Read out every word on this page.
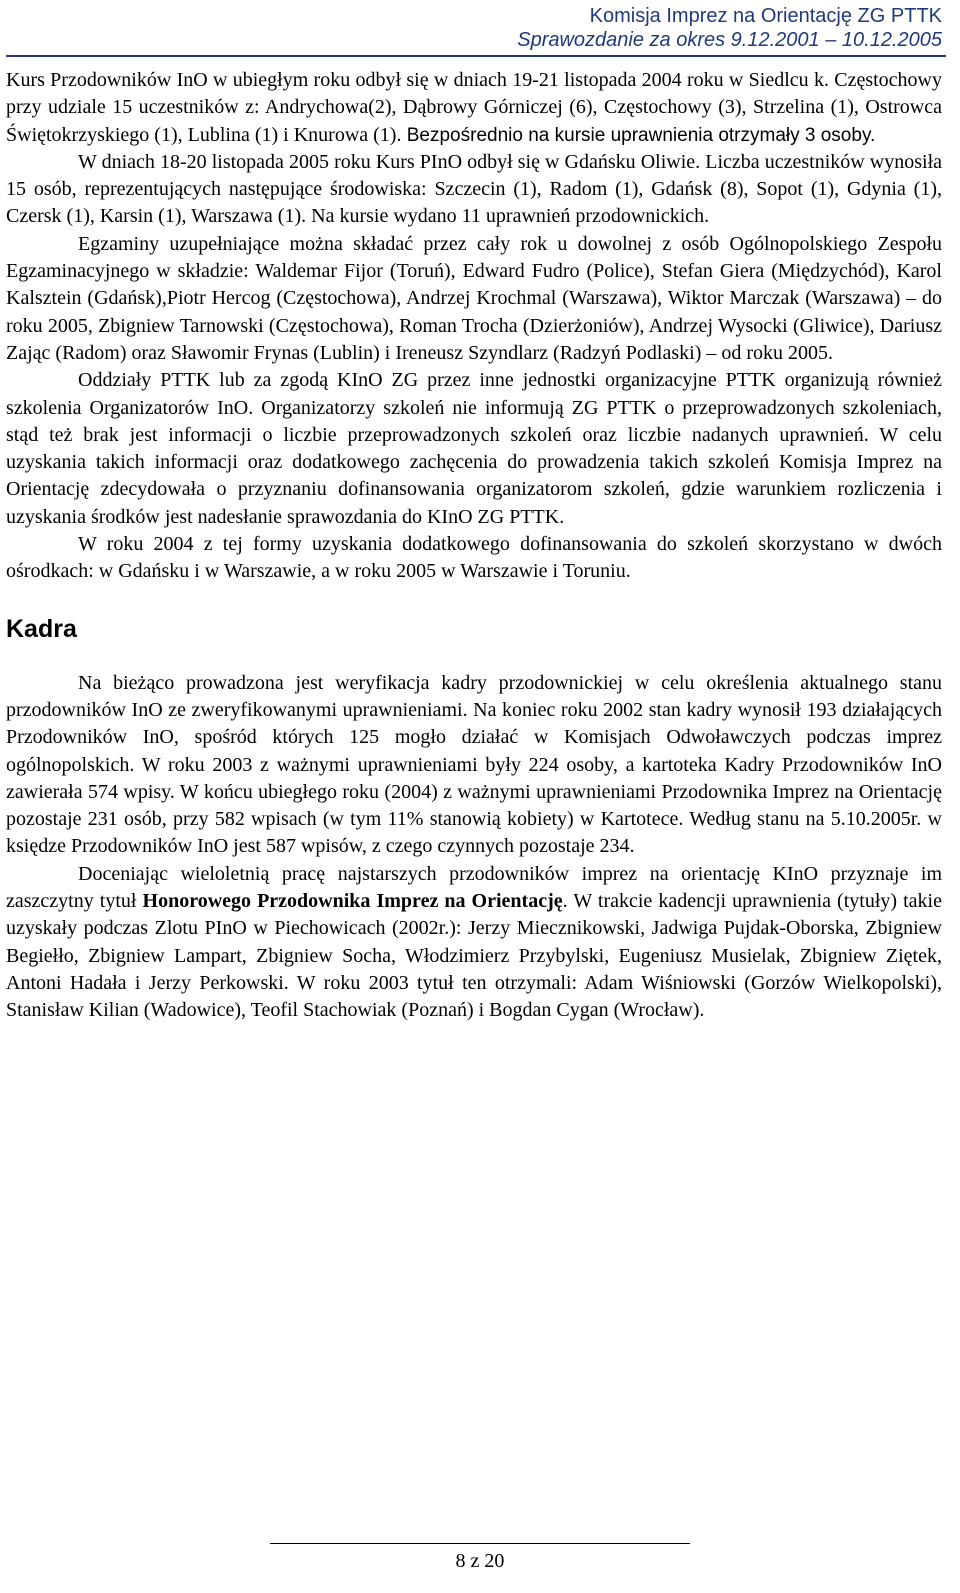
Komisja Imprez na Orientację ZG PTTK
Sprawozdanie za okres 9.12.2001 – 10.12.2005

Kurs Przodowników InO w ubiegłym roku odbył się w dniach 19-21 listopada 2004 roku w Siedlcu k. Częstochowy przy udziale 15 uczestników z: Andrychowa(2), Dąbrowy Górniczej (6), Częstochowy (3), Strzelina (1), Ostrowca Świętokrzyskiego (1), Lublina (1) i Knurowa (1). Bezpośrednio na kursie uprawnienia otrzymały 3 osoby.

W dniach 18-20 listopada 2005 roku Kurs PInO odbył się w Gdańsku Oliwie. Liczba uczestników wynosiła 15 osób, reprezentujących następujące środowiska: Szczecin (1), Radom (1), Gdańsk (8), Sopot (1), Gdynia (1), Czersk (1), Karsin (1), Warszawa (1). Na kursie wydano 11 uprawnień przodownickich.

Egzaminy uzupełniające można składać przez cały rok u dowolnej z osób Ogólnopolskiego Zespołu Egzaminacyjnego w składzie: Waldemar Fijor (Toruń), Edward Fudro (Police), Stefan Giera (Międzychód), Karol Kalsztein (Gdańsk),Piotr Hercog (Częstochowa), Andrzej Krochmal (Warszawa), Wiktor Marczak (Warszawa) – do roku 2005, Zbigniew Tarnowski (Częstochowa), Roman Trocha (Dzierżoniów), Andrzej Wysocki (Gliwice), Dariusz Zając (Radom) oraz Sławomir Frynas (Lublin) i Ireneusz Szyndlarz (Radzyń Podlaski) – od roku 2005.

Oddziały PTTK lub za zgodą KInO ZG przez inne jednostki organizacyjne PTTK organizują również szkolenia Organizatorów InO. Organizatorzy szkoleń nie informują ZG PTTK o przeprowadzonych szkoleniach, stąd też brak jest informacji o liczbie przeprowadzonych szkoleń oraz liczbie nadanych uprawnień. W celu uzyskania takich informacji oraz dodatkowego zachęcenia do prowadzenia takich szkoleń Komisja Imprez na Orientację zdecydowała o przyznaniu dofinansowania organizatorom szkoleń, gdzie warunkiem rozliczenia i uzyskania środków jest nadesłanie sprawozdania do KInO ZG PTTK.

W roku 2004 z tej formy uzyskania dodatkowego dofinansowania do szkoleń skorzystano w dwóch ośrodkach: w Gdańsku i w Warszawie, a w roku 2005 w Warszawie i Toruniu.

Kadra

Na bieżąco prowadzona jest weryfikacja kadry przodownickiej w celu określenia aktualnego stanu przodowników InO ze zweryfikowanymi uprawnieniami. Na koniec roku 2002 stan kadry wynosił 193 działających Przodowników InO, spośród których 125 mogło działać w Komisjach Odwoławczych podczas imprez ogólnopolskich. W roku 2003 z ważnymi uprawnieniami były 224 osoby, a kartoteka Kadry Przodowników InO zawierała 574 wpisy. W końcu ubiegłego roku (2004) z ważnymi uprawnieniami Przodownika Imprez na Orientację pozostaje 231 osób, przy 582 wpisach (w tym 11% stanowią kobiety) w Kartotece. Według stanu na 5.10.2005r. w księdze Przodowników InO jest 587 wpisów, z czego czynnych pozostaje 234.

Doceniając wieloletnią pracę najstarszych przodowników imprez na orientację KInO przyznaje im zaszczytny tytuł Honorowego Przodownika Imprez na Orientację. W trakcie kadencji uprawnienia (tytuły) takie uzyskały podczas Zlotu PInO w Piechowicach (2002r.): Jerzy Miecznikowski, Jadwiga Pujdak-Oborska, Zbigniew Begiełło, Zbigniew Lampart, Zbigniew Socha, Włodzimierz Przybylski, Eugeniusz Musielak, Zbigniew Ziętek, Antoni Hadała i Jerzy Perkowski. W roku 2003 tytuł ten otrzymali: Adam Wiśniowski (Gorzów Wielkopolski), Stanisław Kilian (Wadowice), Teofil Stachowiak (Poznań) i Bogdan Cygan (Wrocław).

8 z 20
